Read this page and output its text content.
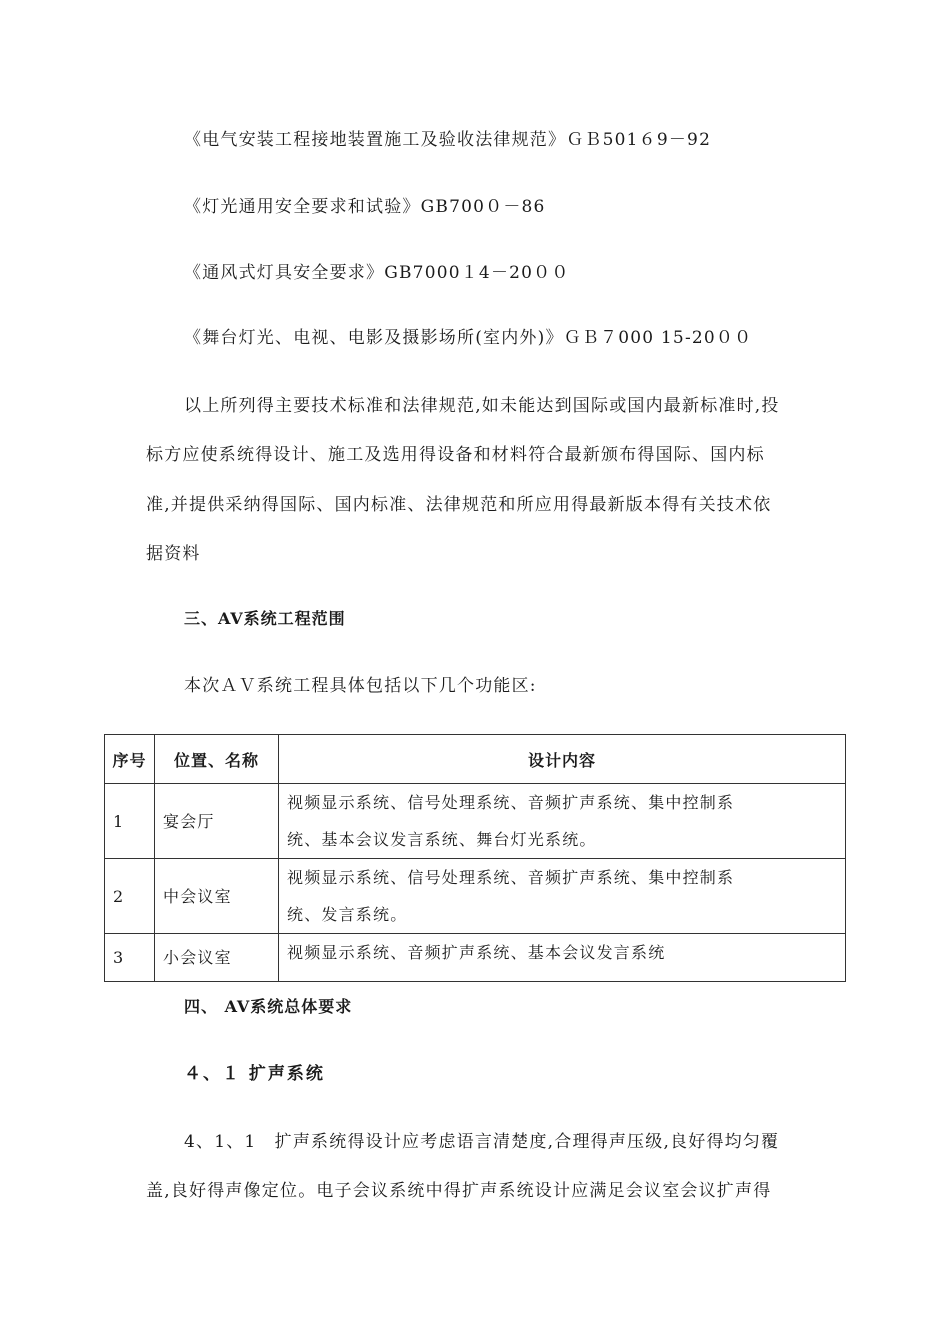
《电气安装工程接地装置施工及验收法律规范》ＧＢ501６9－92
《灯光通用安全要求和试验》GB700０－86
《通风式灯具安全要求》GB7000１4－20００
《舞台灯光、电视、电影及摄影场所(室内外)》ＧＢ７000 15-20００
以上所列得主要技术标准和法律规范,如未能达到国际或国内最新标准时,投
标方应使系统得设计、施工及选用得设备和材料符合最新颁布得国际、国内标
准,并提供采纳得国际、国内标准、法律规范和所应用得最新版本得有关技术依
据资料
三、AV系统工程范围
本次ＡＶ系统工程具体包括以下几个功能区:
序号	位置、名称	设计内容
1	宴会厅	视频显示系统、信号处理系统、音频扩声系统、集中控制系
统、基本会议发言系统、舞台灯光系统。

2	中会议室	视频显示系统、信号处理系统、音频扩声系统、集中控制系
统、发言系统。

3	小会议室	视频显示系统、音频扩声系统、基本会议发言系统
四、 AV系统总体要求
４、１ 扩声系统
4、1、1　扩声系统得设计应考虑语言清楚度,合理得声压级,良好得均匀覆
盖,良好得声像定位。电子会议系统中得扩声系统设计应满足会议室会议扩声得
